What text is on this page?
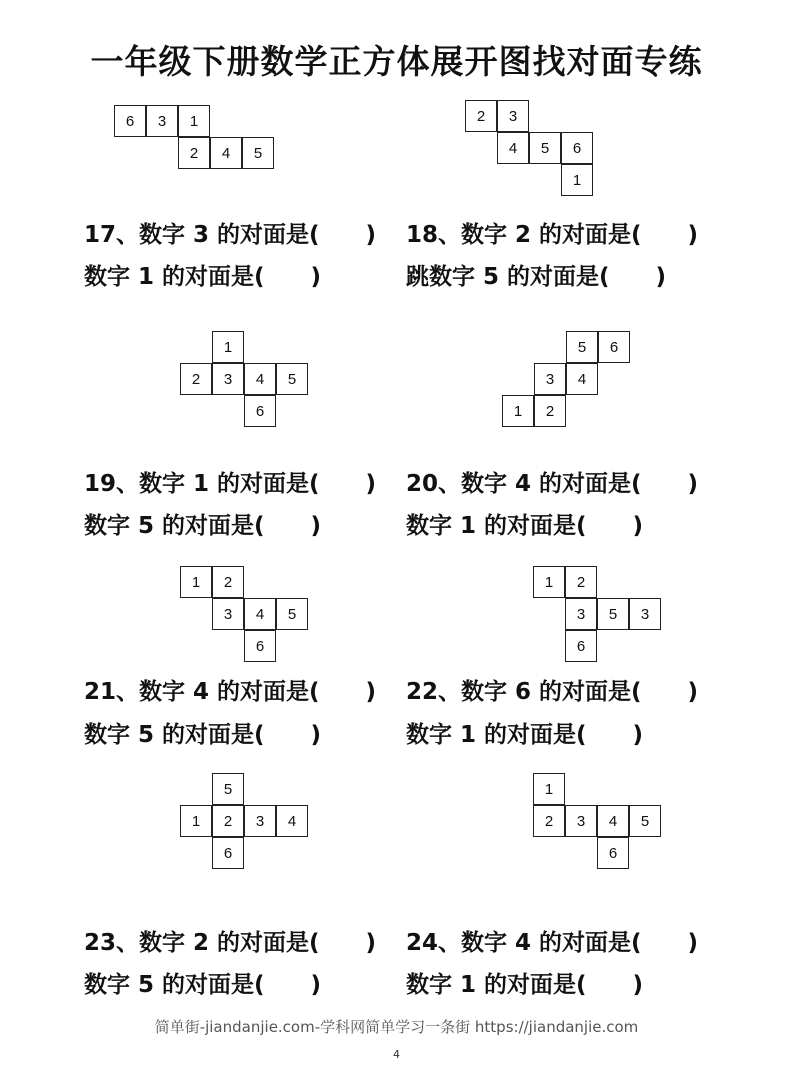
一年级下册数学正方体展开图找对面专练
6	3	1
2	4	5
2	3
4	5	6
1
1
2	3	4	5
6
5	6
3	4
1	2
1	2
3	4	5
6
1	2
3	5	3
6
5
1	2	3	4
6
1
2	3	4	5
6
17、数字 3 的对面是(　　)
数字 1 的对面是(　　)
18、数字 2 的对面是(　　)
跳数字 5 的对面是(　　)
19、数字 1 的对面是(　　)
数字 5 的对面是(　　)
20、数字 4 的对面是(　　)
数字 1 的对面是(　　)
21、数字 4 的对面是(　　)
数字 5 的对面是(　　)
22、数字 6 的对面是(　　)
数字 1 的对面是(　　)
23、数字 2 的对面是(　　)
数字 5 的对面是(　　)
24、数字 4 的对面是(　　)
数字 1 的对面是(　　)
简单街-jiandanjie.com-学科网简单学习一条街 https://jiandanjie.com
4
